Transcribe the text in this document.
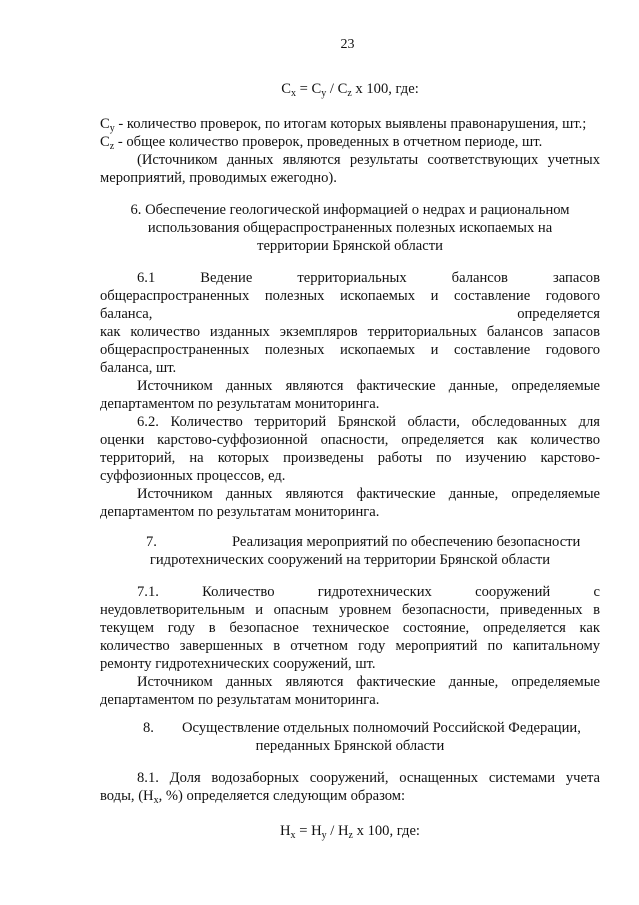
23
$C_x = C_y / C_z$ x 100, где:
$C_y$ - количество проверок, по итогам которых выявлены правонарушения, шт.;
$C_z$ - общее количество проверок, проведенных в отчетном периоде, шт.
(Источником данных являются результаты соответствующих учетных
мероприятий, проводимых ежегодно).
6. Обеспечение геологической информацией о недрах и рациональном
использования общераспространенных полезных ископаемых на
территории Брянской области
6.1 Ведение территориальных балансов запасов
общераспространенных полезных ископаемых и составление годового
баланса,	определяется
как количество изданных экземпляров территориальных балансов запасов
общераспространенных полезных ископаемых и составление годового
баланса, шт.
Источником данных являются фактические данные, определяемые
департаментом по результатам мониторинга.
6.2. Количество территорий Брянской области, обследованных для
оценки карстово-суффозионной опасности, определяется как количество
территорий, на которых произведены работы по изучению карстово-
суффозионных процессов, ед.
Источником данных являются фактические данные, определяемые
департаментом по результатам мониторинга.
7.	Реализация мероприятий по обеспечению безопасности
гидротехнических сооружений на территории Брянской области
7.1. Количество гидротехнических сооружений с
неудовлетворительным и опасным уровнем безопасности, приведенных в
текущем году в безопасное техническое состояние, определяется как
количество завершенных в отчетном году мероприятий по капитальному
ремонту гидротехнических сооружений, шт.
Источником данных являются фактические данные, определяемые
департаментом по результатам мониторинга.
8. Осуществление отдельных полномочий Российской Федерации,
переданных Брянской области
8.1. Доля водозаборных сооружений, оснащенных системами учета
воды, ($Н_х$, %) определяется следующим образом:
$Н_х = Н_у / Н_z$ x 100, где:
